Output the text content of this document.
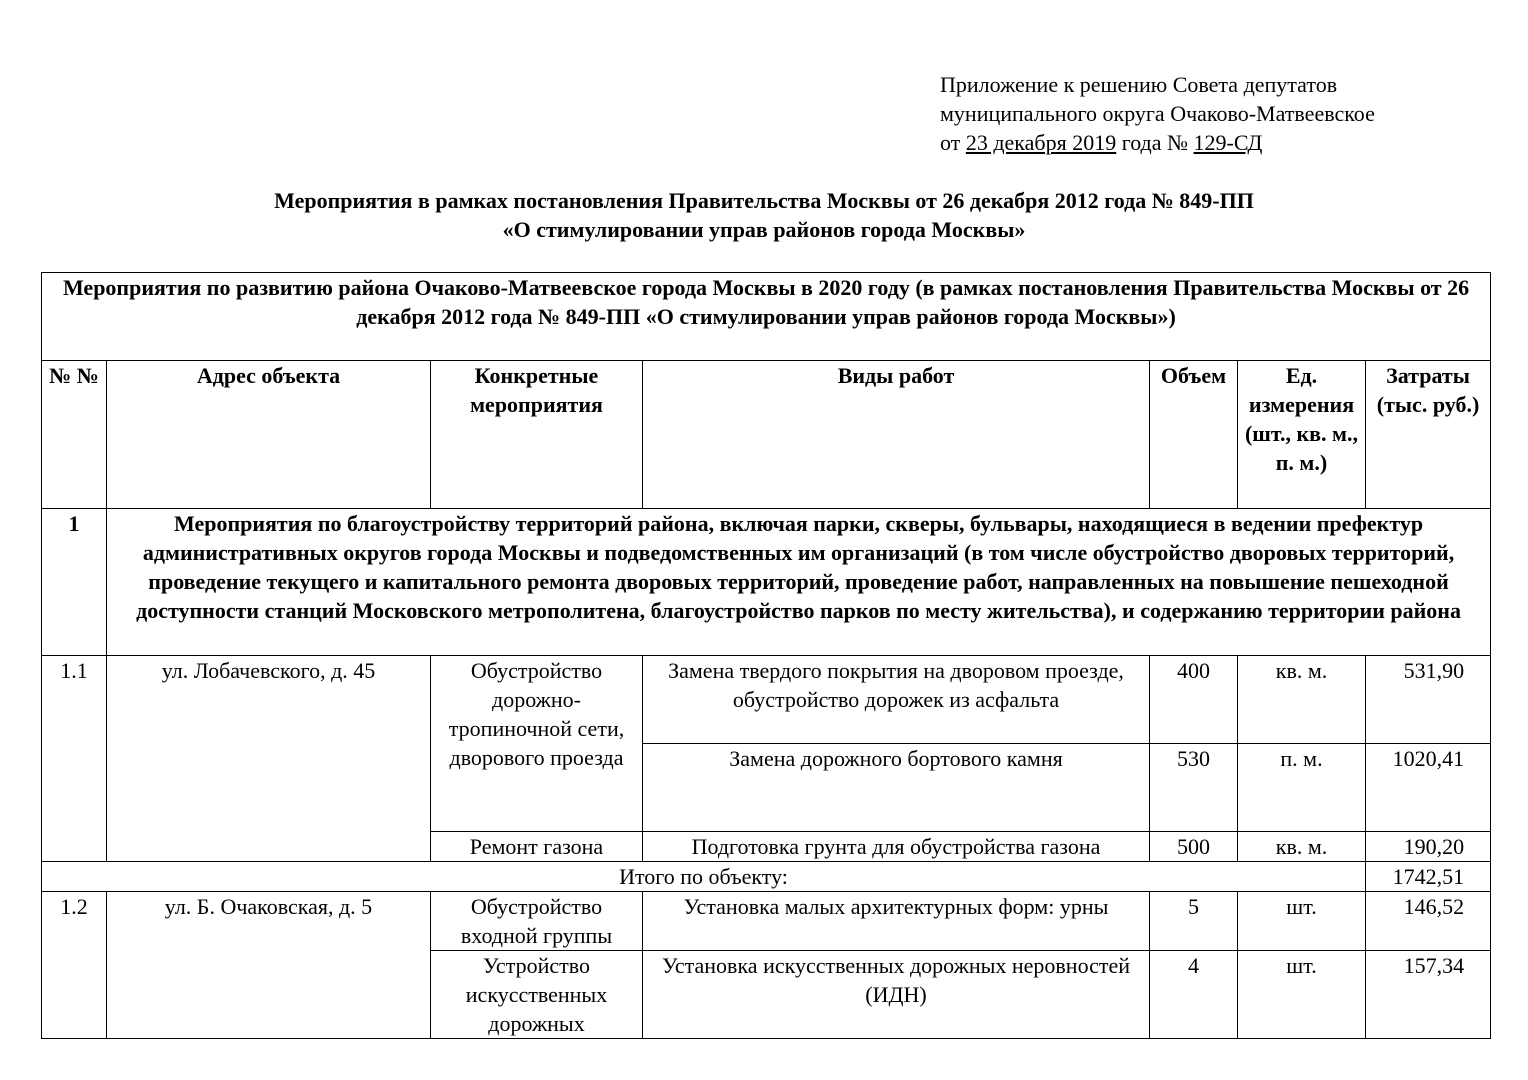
Приложение к решению Совета депутатов
муниципального округа Очаково-Матвеевское
от 23 декабря 2019 года № 129-СД
Мероприятия в рамках постановления Правительства Москвы от 26 декабря 2012 года № 849-ПП
«О стимулировании управ районов города Москвы»
Мероприятия по развитию района Очаково-Матвеевское города Москвы в 2020 году (в рамках постановления Правительства Москвы от 26 декабря 2012 года № 849-ПП «О стимулировании управ районов города Москвы»)						
№ №	Адрес объекта	Конкретные мероприятия	Виды работ	Объем	Ед. измерения (шт., кв. м., п. м.)	Затраты (тыс. руб.)
1	Мероприятия по благоустройству территорий района, включая парки, скверы, бульвары, находящиеся в ведении префектур административных округов города Москвы и подведомственных им организаций (в том числе обустройство дворовых территорий, проведение текущего и капитального ремонта дворовых территорий, проведение работ, направленных на повышение пешеходной доступности станций Московского метрополитена, благоустройство парков по месту жительства), и содержанию территории района					
1.1	ул. Лобачевского, д. 45	Обустройство дорожно-тропиночной сети, дворового проезда	Замена твердого покрытия на дворовом проезде, обустройство дорожек из асфальта	400	кв. м.	531,90
			Замена дорожного бортового камня	530	п. м.	1020,41
		Ремонт газона	Подготовка грунта для обустройства газона	500	кв. м.	190,20
Итого по объекту:						1742,51
1.2	ул. Б. Очаковская, д. 5	Обустройство входной группы	Установка малых архитектурных форм: урны	5	шт.	146,52
		Устройство искусственных дорожных	Установка искусственных дорожных неровностей (ИДН)	4	шт.	157,34
